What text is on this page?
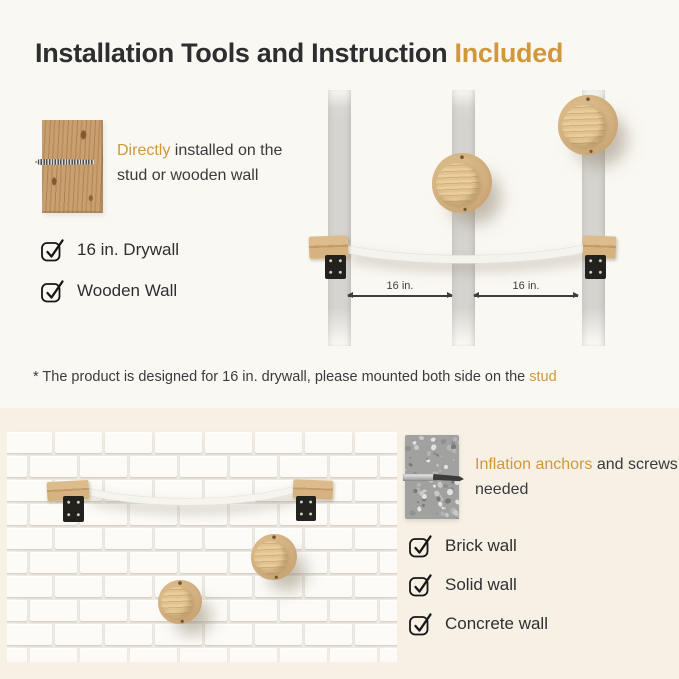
Installation Tools and Instruction Included

Directly installed on the stud or wooden wall

16 in. Drywall
Wooden Wall	16 in.	16 in.

* The product is designed for 16 in. drywall, please mounted both side on the stud

Inflation anchors and screws needed

Brick wall
Solid wall
Concrete wall
